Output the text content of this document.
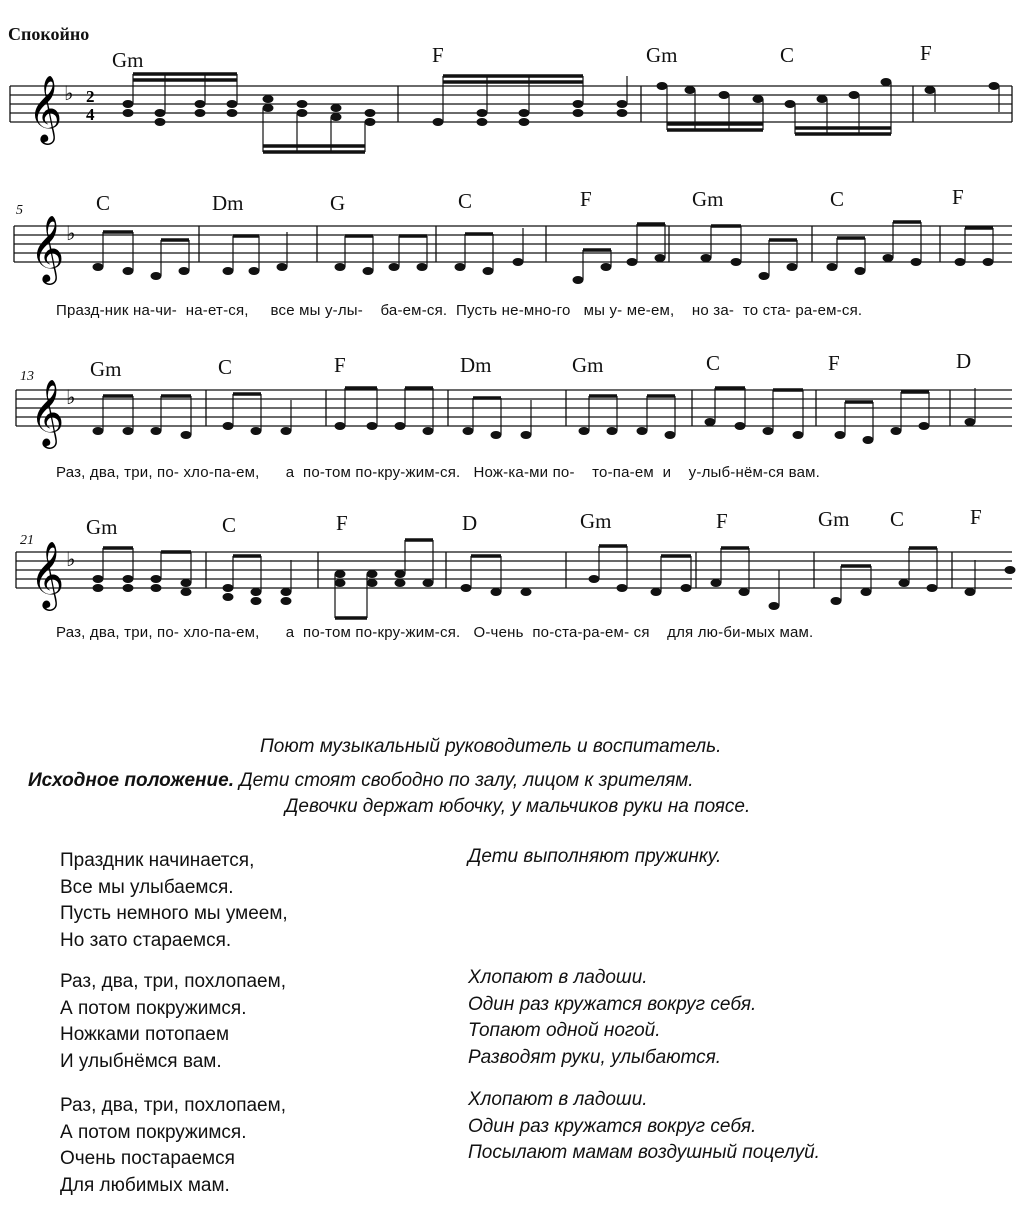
Спокойно
𝄞 ♭ 2
4
Gm	F	Gm	C	F
𝄞 ♭
5	C	Dm	G	C	F	Gm	C	F
𝄞 ♭
13	Gm	C	F	Dm	Gm	C	F	D
𝄞 ♭
21
Gm	C	F	D	Gm	F	Gm C	F
Празд-ник на-чи-  на-ет-ся,     все мы у-лы-    ба-ем-ся.  Пусть не-мно-го   мы у- ме-ем,    но за-  то ста- ра-ем-ся.
Раз, два, три, по- хло-па-ем,      а  по-том по-кру-жим-ся.   Нож-ка-ми по-    то-па-ем  и    у-лыб-нём-ся вам.
Раз, два, три, по- хло-па-ем,      а  по-том по-кру-жим-ся.   О-чень  по-ста-ра-ем- ся    для лю-би-мых мам.
Поют музыкальный руководитель и воспитатель.
Исходное положение. Дети стоят свободно по залу, лицом к зрителям.
Девочки держат юбочку, у мальчиков руки на поясе.
Праздник начинается,
Все мы улыбаемся.
Пусть немного мы умеем,
Но зато стараемся.
Дети выполняют пружинку.
Раз, два, три, похлопаем,
А потом покружимся.
Ножками потопаем
И улыбнёмся вам.
Хлопают в ладоши.
Один раз кружатся вокруг себя.
Топают одной ногой.
Разводят руки, улыбаются.
Раз, два, три, похлопаем,
А потом покружимся.
Очень постараемся
Для любимых мам.
Хлопают в ладоши.
Один раз кружатся вокруг себя.
Посылают мамам воздушный поцелуй.
